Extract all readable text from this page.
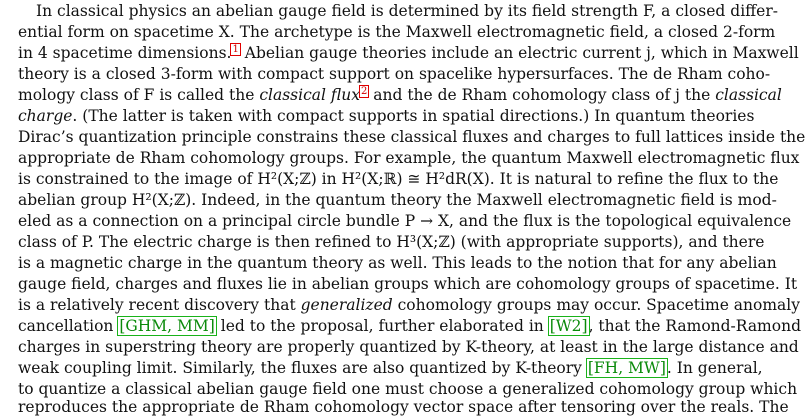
In classical physics an abelian gauge field is determined by its field strength F, a closed differ-
ential form on spacetime X. The archetype is the Maxwell electromagnetic field, a closed 2-form
in 4 spacetime dimensions.$^1$ Abelian gauge theories include an electric current j, which in Maxwell
theory is a closed 3-form with compact support on spacelike hypersurfaces. The de Rham coho-
mology class of F is called the classical flux$^2$ and the de Rham cohomology class of j the classical
charge. (The latter is taken with compact supports in spatial directions.) In quantum theories
Dirac’s quantization principle constrains these classical fluxes and charges to full lattices inside the
appropriate de Rham cohomology groups. For example, the quantum Maxwell electromagnetic flux
is constrained to the image of H²(X;ℤ) in H²(X;ℝ) ≅ H²dR(X). It is natural to refine the flux to the
abelian group H²(X;ℤ). Indeed, in the quantum theory the Maxwell electromagnetic field is mod-
eled as a connection on a principal circle bundle P → X, and the flux is the topological equivalence
class of P. The electric charge is then refined to H³(X;ℤ) (with appropriate supports), and there
is a magnetic charge in the quantum theory as well. This leads to the notion that for any abelian
gauge field, charges and fluxes lie in abelian groups which are cohomology groups of spacetime. It
is a relatively recent discovery that generalized cohomology groups may occur. Spacetime anomaly
cancellation [GHM, MM] led to the proposal, further elaborated in [W2], that the Ramond-Ramond
charges in superstring theory are properly quantized by K-theory, at least in the large distance and
weak coupling limit. Similarly, the fluxes are also quantized by K-theory [FH, MW]. In general,
to quantize a classical abelian gauge field one must choose a generalized cohomology group which
reproduces the appropriate de Rham cohomology vector space after tensoring over the reals. The
